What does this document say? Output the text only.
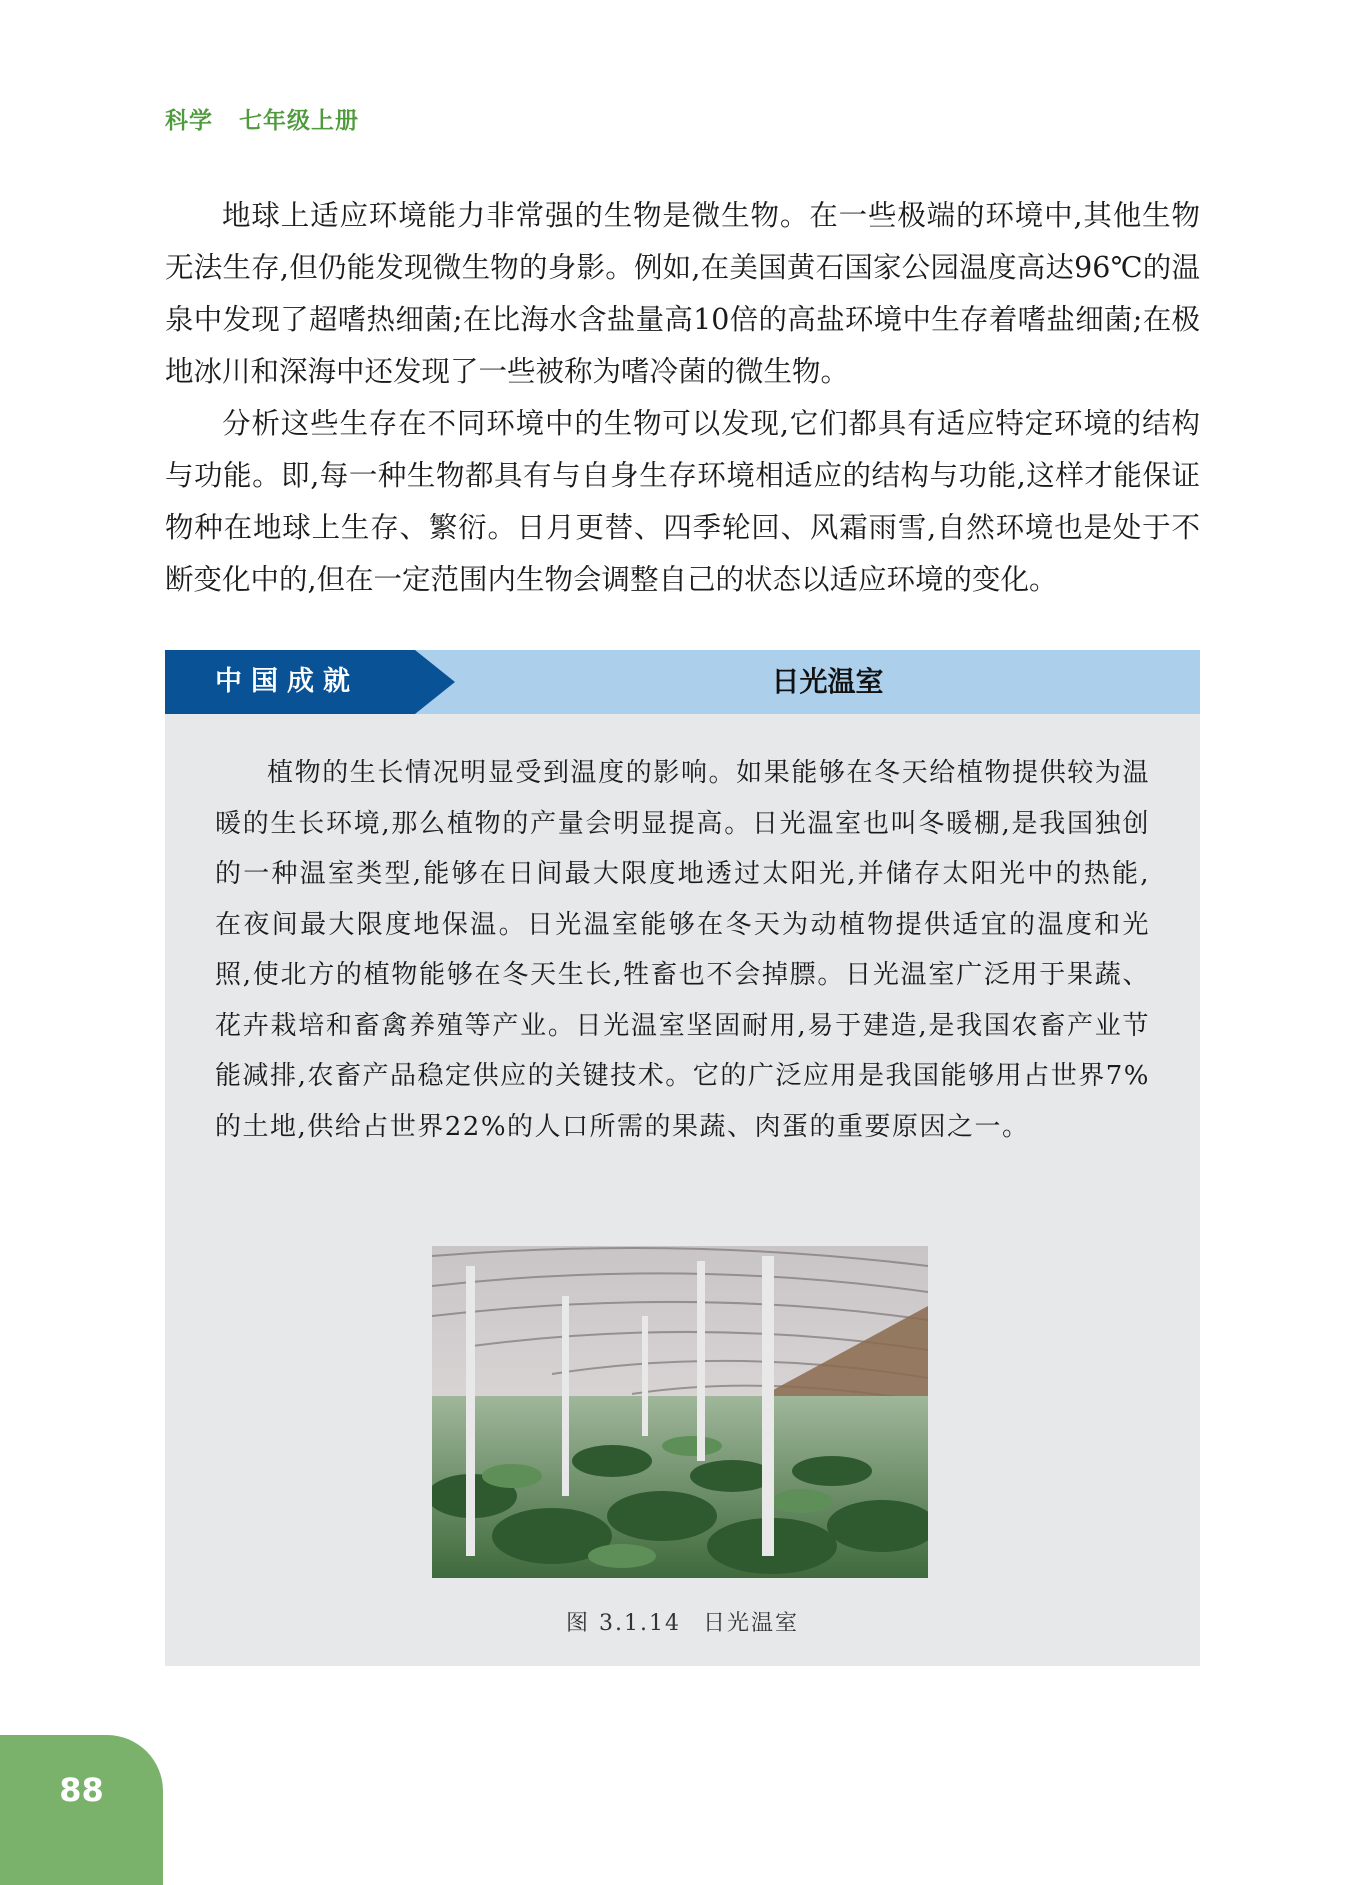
科学 七年级上册

地球上适应环境能力非常强的生物是微生物。在一些极端的环境中,其他生物无法生存,但仍能发现微生物的身影。例如,在美国黄石国家公园温度高达96℃的温泉中发现了超嗜热细菌;在比海水含盐量高10倍的高盐环境中生存着嗜盐细菌;在极地冰川和深海中还发现了一些被称为嗜冷菌的微生物。

分析这些生存在不同环境中的生物可以发现,它们都具有适应特定环境的结构与功能。即,每一种生物都具有与自身生存环境相适应的结构与功能,这样才能保证物种在地球上生存、繁衍。日月更替、四季轮回、风霜雨雪,自然环境也是处于不断变化中的,但在一定范围内生物会调整自己的状态以适应环境的变化。

中国成就	日光温室

植物的生长情况明显受到温度的影响。如果能够在冬天给植物提供较为温暖的生长环境,那么植物的产量会明显提高。日光温室也叫冬暖棚,是我国独创的一种温室类型,能够在日间最大限度地透过太阳光,并储存太阳光中的热能,在夜间最大限度地保温。日光温室能够在冬天为动植物提供适宜的温度和光照,使北方的植物能够在冬天生长,牲畜也不会掉膘。日光温室广泛用于果蔬、花卉栽培和畜禽养殖等产业。日光温室坚固耐用,易于建造,是我国农畜产业节能减排,农畜产品稳定供应的关键技术。它的广泛应用是我国能够用占世界7%的土地,供给占世界22%的人口所需的果蔬、肉蛋的重要原因之一。

图 3.1.14 日光温室
88
